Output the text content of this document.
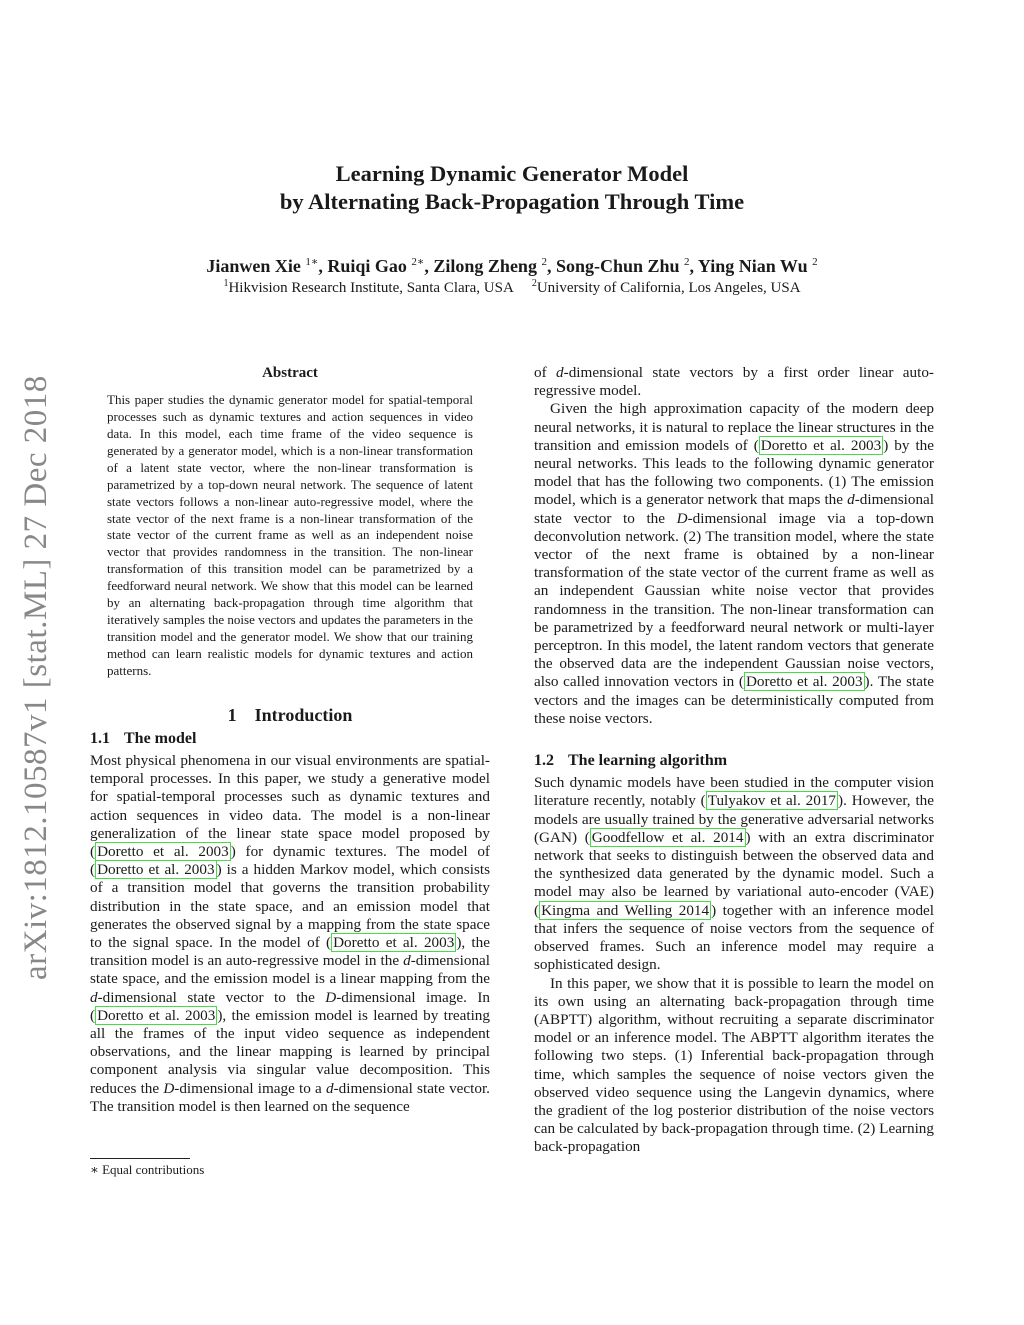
arXiv:1812.10587v1 [stat.ML] 27 Dec 2018
Learning Dynamic Generator Model
by Alternating Back-Propagation Through Time
Jianwen Xie $^{1∗}$, Ruiqi Gao $^{2∗}$, Zilong Zheng $^2$, Song-Chun Zhu $^2$, Ying Nian Wu $^2$
$^1$Hikvision Research Institute, Santa Clara, USA $^2$University of California, Los Angeles, USA
Abstract
This paper studies the dynamic generator model for spatial-temporal processes such as dynamic textures and action sequences in video data. In this model, each time frame of the video sequence is generated by a generator model, which is a non-linear transformation of a latent state vector, where the non-linear transformation is parametrized by a top-down neural network. The sequence of latent state vectors follows a non-linear auto-regressive model, where the state vector of the next frame is a non-linear transformation of the state vector of the current frame as well as an independent noise vector that provides randomness in the transition. The non-linear transformation of this transition model can be parametrized by a feedforward neural network. We show that this model can be learned by an alternating back-propagation through time algorithm that iteratively samples the noise vectors and updates the parameters in the transition model and the generator model. We show that our training method can learn realistic models for dynamic textures and action patterns.
1 Introduction
1.1 The model

Most physical phenomena in our visual environments are spatial-temporal processes. In this paper, we study a generative model for spatial-temporal processes such as dynamic textures and action sequences in video data. The model is a non-linear generalization of the linear state space model proposed by ( Doretto et al. 2003 ) for dynamic textures. The model of ( Doretto et al. 2003 ) is a hidden Markov model, which consists of a transition model that governs the transition probability distribution in the state space, and an emission model that generates the observed signal by a mapping from the state space to the signal space. In the model of ( Doretto et al. 2003 ), the transition model is an auto-regressive model in the d-dimensional state space, and the emission model is a linear mapping from the d-dimensional state vector to the D-dimensional image. In ( Doretto et al. 2003 ), the emission model is learned by treating all the frames of the input video sequence as independent observations, and the linear mapping is learned by principal component analysis via singular value decomposition. This reduces the D-dimensional image to a d-dimensional state vector. The transition model is then learned on the sequence

of d-dimensional state vectors by a first order linear auto-regressive model.

Given the high approximation capacity of the modern deep neural networks, it is natural to replace the linear structures in the transition and emission models of ( Doretto et al. 2003 ) by the neural networks. This leads to the following dynamic generator model that has the following two components. (1) The emission model, which is a generator network that maps the d-dimensional state vector to the D-dimensional image via a top-down deconvolution network. (2) The transition model, where the state vector of the next frame is obtained by a non-linear transformation of the state vector of the current frame as well as an independent Gaussian white noise vector that provides randomness in the transition. The non-linear transformation can be parametrized by a feedforward neural network or multi-layer perceptron. In this model, the latent random vectors that generate the observed data are the independent Gaussian noise vectors, also called innovation vectors in ( Doretto et al. 2003 ). The state vectors and the images can be deterministically computed from these noise vectors.

1.2 The learning algorithm

Such dynamic models have been studied in the computer vision literature recently, notably ( Tulyakov et al. 2017 ). However, the models are usually trained by the generative adversarial networks (GAN) ( Goodfellow et al. 2014 ) with an extra discriminator network that seeks to distinguish between the observed data and the synthesized data generated by the dynamic model. Such a model may also be learned by variational auto-encoder (VAE) ( Kingma and Welling 2014 ) together with an inference model that infers the sequence of noise vectors from the sequence of observed frames. Such an inference model may require a sophisticated design.

In this paper, we show that it is possible to learn the model on its own using an alternating back-propagation through time (ABPTT) algorithm, without recruiting a separate discriminator model or an inference model. The ABPTT algorithm iterates the following two steps. (1) Inferential back-propagation through time, which samples the sequence of noise vectors given the observed video sequence using the Langevin dynamics, where the gradient of the log posterior distribution of the noise vectors can be calculated by back-propagation through time. (2) Learning back-propagation

∗ Equal contributions
